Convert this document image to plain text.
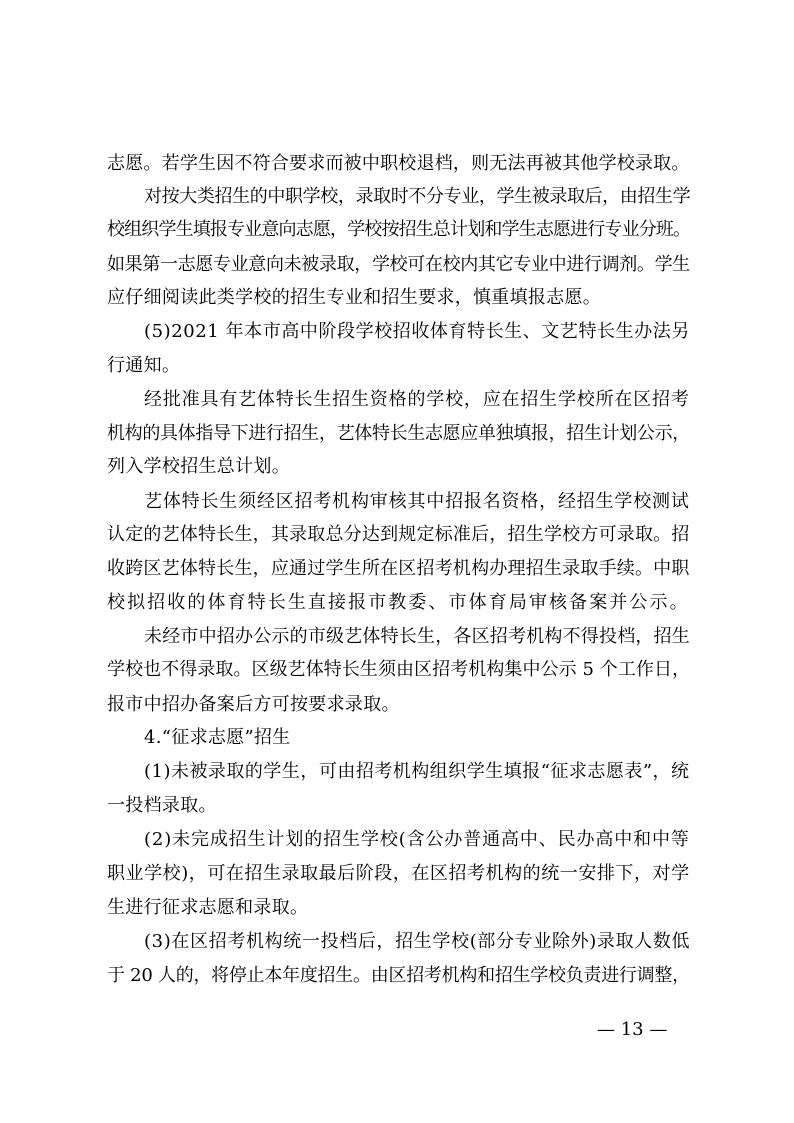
志愿。若学生因不符合要求而被中职校退档，则无法再被其他学校录取。
对按大类招生的中职学校，录取时不分专业，学生被录取后，由招生学
校组织学生填报专业意向志愿，学校按招生总计划和学生志愿进行专业分班。
如果第一志愿专业意向未被录取，学校可在校内其它专业中进行调剂。学生
应仔细阅读此类学校的招生专业和招生要求，慎重填报志愿。
(5)2021 年本市高中阶段学校招收体育特长生、文艺特长生办法另
行通知。
经批准具有艺体特长生招生资格的学校，应在招生学校所在区招考
机构的具体指导下进行招生，艺体特长生志愿应单独填报，招生计划公示，
列入学校招生总计划。
艺体特长生须经区招考机构审核其中招报名资格，经招生学校测试
认定的艺体特长生，其录取总分达到规定标准后，招生学校方可录取。招
收跨区艺体特长生，应通过学生所在区招考机构办理招生录取手续。中职
校拟招收的体育特长生直接报市教委、市体育局审核备案并公示。
未经市中招办公示的市级艺体特长生，各区招考机构不得投档，招生
学校也不得录取。区级艺体特长生须由区招考机构集中公示 5 个工作日，
报市中招办备案后方可按要求录取。
4.“征求志愿”招生
(1)未被录取的学生，可由招考机构组织学生填报“征求志愿表”，统
一投档录取。
(2)未完成招生计划的招生学校(含公办普通高中、民办高中和中等
职业学校)，可在招生录取最后阶段，在区招考机构的统一安排下，对学
生进行征求志愿和录取。
(3)在区招考机构统一投档后，招生学校(部分专业除外)录取人数低
于 20 人的，将停止本年度招生。由区招考机构和招生学校负责进行调整，
— 13 —
